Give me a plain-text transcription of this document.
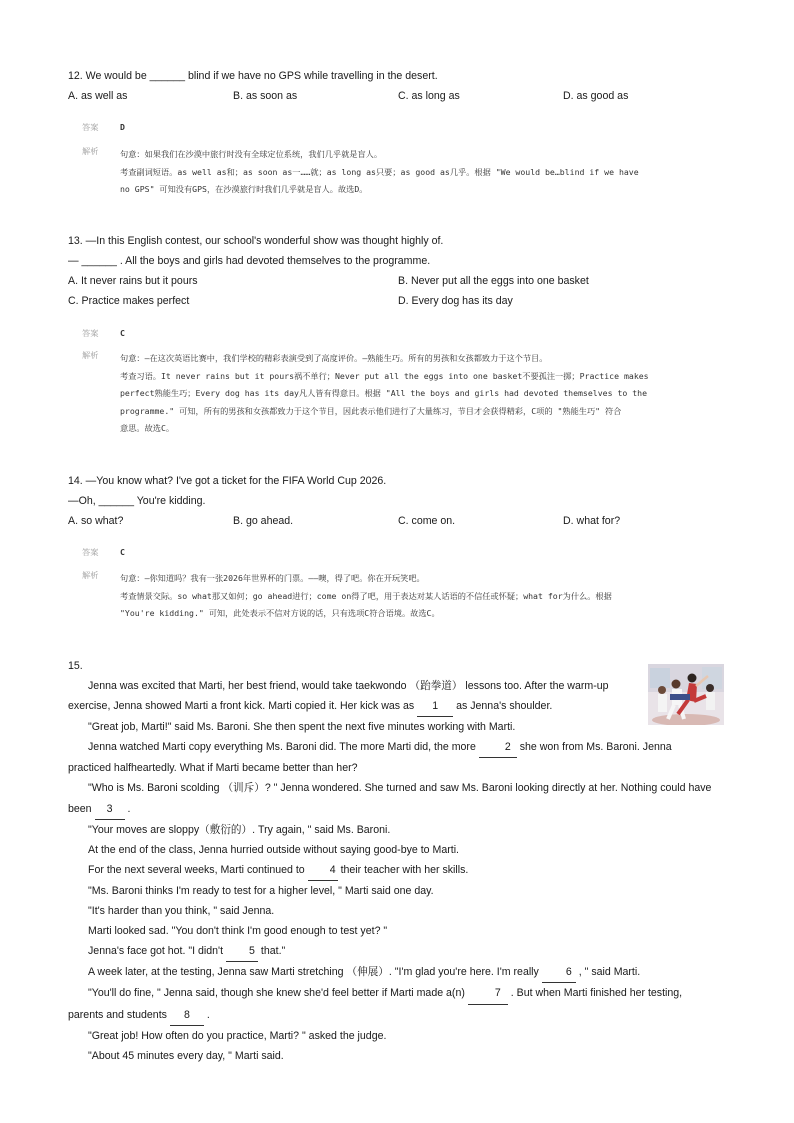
12. We would be ______ blind if we have no GPS while travelling in the desert.
A. as well as	B. as soon as	C. as long as	D. as good as
答案	D
解析	句意：如果我们在沙漠中旅行时没有全球定位系统，我们几乎就是盲人。
考查副词短语。as well as和；as soon as一……就；as long as只要；as good as几乎。根据 "We would be…blind if we have
no GPS" 可知没有GPS，在沙漠旅行时我们几乎就是盲人。故选D。
13. —In this English contest, our school's wonderful show was thought highly of.
— ______ . All the boys and girls had devoted themselves to the programme.
A. It never rains but it pours	B. Never put all the eggs into one basket
C. Practice makes perfect	D. Every dog has its day
答案	C
解析	句意：—在这次英语比赛中，我们学校的精彩表演受到了高度评价。—熟能生巧。所有的男孩和女孩都致力于这个节目。
考查习语。It never rains but it pours祸不单行；Never put all the eggs into one basket不要孤注一掷；Practice makes
perfect熟能生巧；Every dog has its day凡人皆有得意日。根据 "All the boys and girls had devoted themselves to the
programme." 可知，所有的男孩和女孩都致力于这个节目，因此表示他们进行了大量练习，节目才会获得精彩，C项的 "熟能生巧" 符合
意思。故选C。
14. —You know what? I've got a ticket for the FIFA World Cup 2026.
—Oh, ______ You're kidding.
A. so what?	B. go ahead.	C. come on.	D. what for?
答案	C
解析	句意：—你知道吗？我有一张2026年世界杯的门票。——噢，得了吧。你在开玩笑吧。
考查情景交际。so what那又如何；go ahead进行；come on得了吧，用于表达对某人话语的不信任或怀疑；what for为什么。根据
"You're kidding." 可知，此处表示不信对方说的话，只有选项C符合语境。故选C。
15.
Jenna was excited that Marti, her best friend, would take taekwondo （跆拳道） lessons too. After the warm-up
exercise, Jenna showed Marti a front kick. Marti copied it. Her kick was as 1 as Jenna's shoulder.
"Great job, Marti!" said Ms. Baroni. She then spent the next five minutes working with Marti.
Jenna watched Marti copy everything Ms. Baroni did. The more Marti did, the more 2 she won from Ms. Baroni. Jenna
practiced halfheartedly. What if Marti became better than her?
"Who is Ms. Baroni scolding （训斥）? " Jenna wondered. She turned and saw Ms. Baroni looking directly at her. Nothing could have
been 3 .
"Your moves are sloppy（敷衍的）. Try again, " said Ms. Baroni.
At the end of the class, Jenna hurried outside without saying good-bye to Marti.
For the next several weeks, Marti continued to 4 their teacher with her skills.
"Ms. Baroni thinks I'm ready to test for a higher level, " Marti said one day.
"It's harder than you think, " said Jenna.
Marti looked sad. "You don't think I'm good enough to test yet? "
Jenna's face got hot. "I didn't 5 that."
A week later, at the testing, Jenna saw Marti stretching （伸展）. "I'm glad you're here. I'm really 6 , " said Marti.
"You'll do fine, " Jenna said, though she knew she'd feel better if Marti made a(n)	7 . But when Marti finished her testing,
parents and students 8 .
"Great job! How often do you practice, Marti? " asked the judge.
"About 45 minutes every day, " Marti said.
